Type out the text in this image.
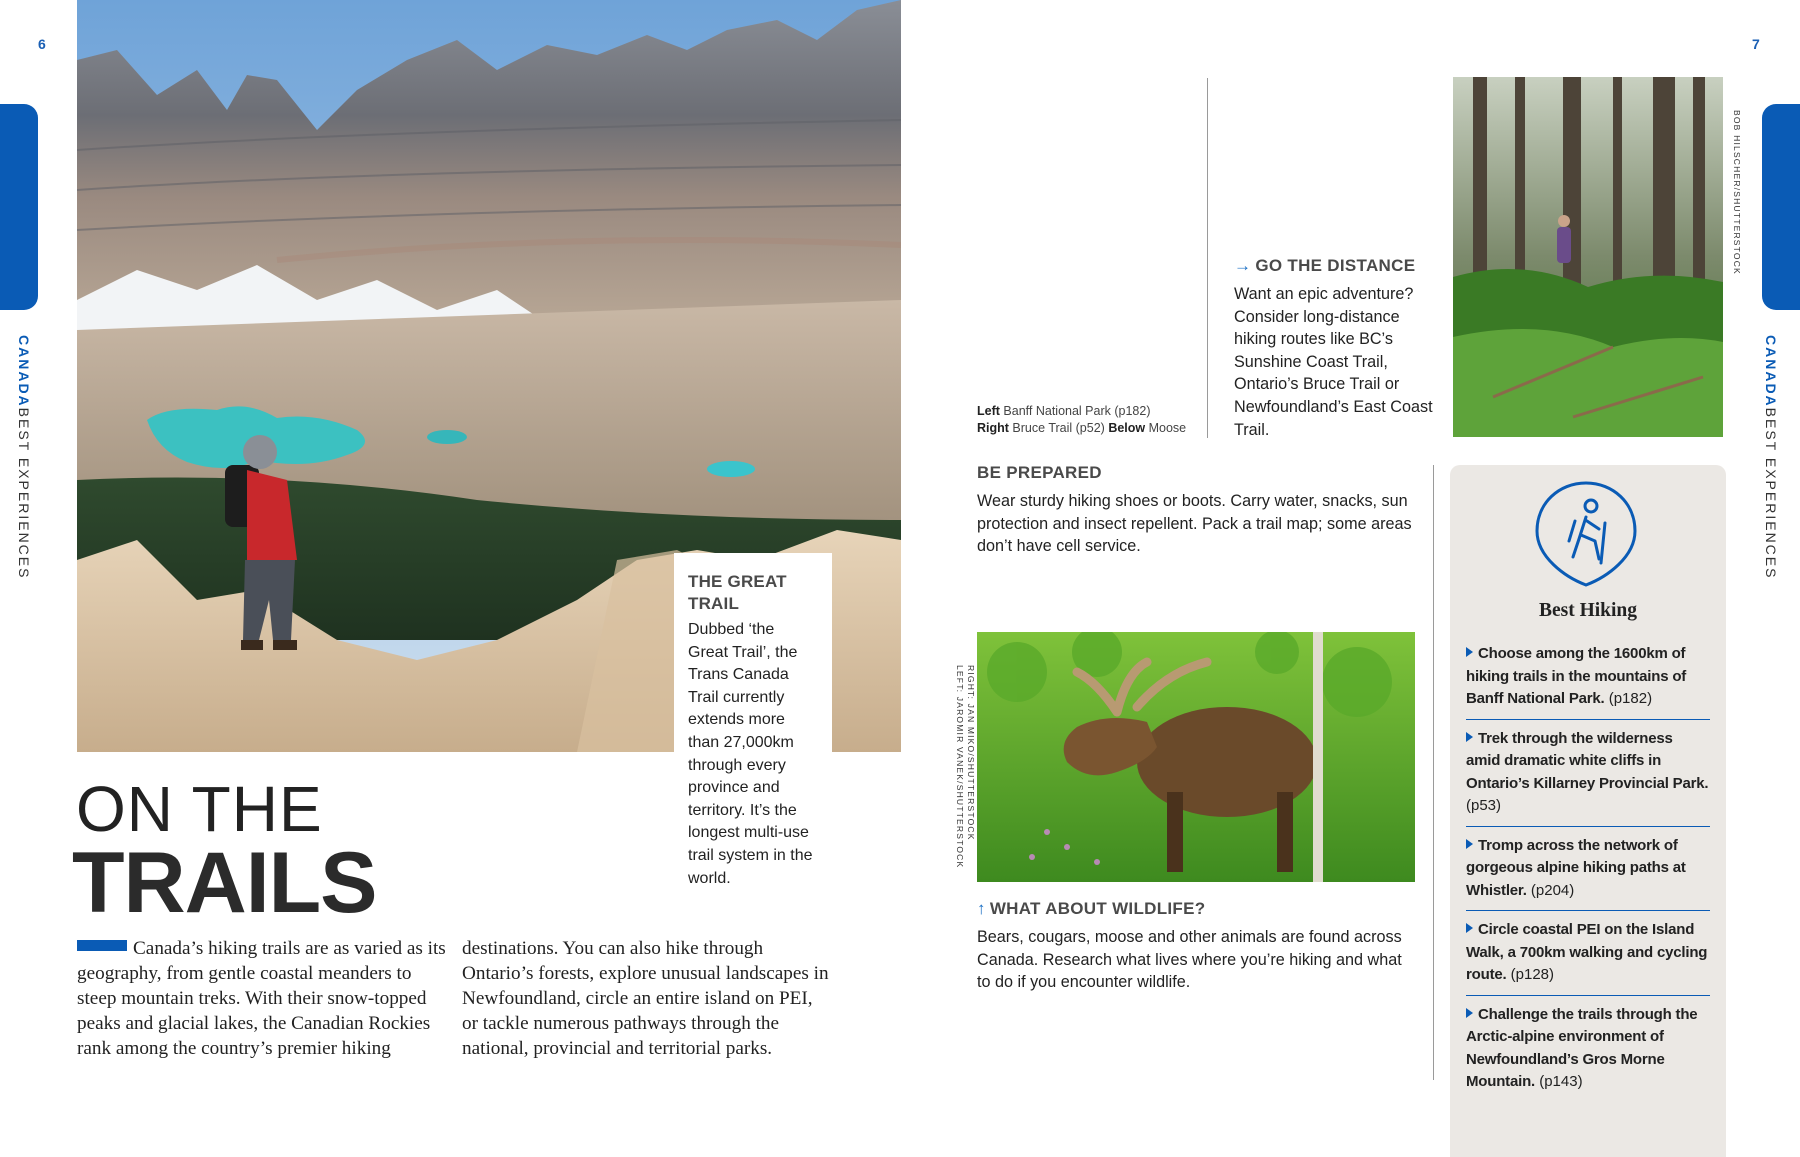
6	7
CANADABEST EXPERIENCES
CANADABEST EXPERIENCES
THE GREAT
TRAIL
Dubbed ‘the Great Trail’, the Trans Canada Trail currently extends more than 27,000km through every province and territory. It’s the longest multi-use trail system in the world.
ON THE
TRAILS
Canada’s hiking trails are as varied as its geography, from gentle coastal meanders to steep mountain treks. With their snow-topped peaks and glacial lakes, the Canadian Rockies rank among the country’s premier hiking
destinations. You can also hike through Ontario’s forests, explore unusual landscapes in Newfoundland, circle an entire island on PEI, or tackle numerous pathways through the national, provincial and territorial parks.
RIGHT: JAN MIKO/SHUTTERSTOCK
LEFT: JAROMIR VANEK/SHUTTERSTOCK
Left Banff National Park (p182)
Right Bruce Trail (p52) Below Moose
→ GO THE DISTANCE
Want an epic adventure? Consider long-distance hiking routes like BC’s Sunshine Coast Trail, Ontario’s Bruce Trail or Newfoundland’s East Coast Trail.
BOB HILSCHER/SHUTTERSTOCK
BE PREPARED
Wear sturdy hiking shoes or boots. Carry water, snacks, sun protection and insect repellent. Pack a trail map; some areas don’t have cell service.
↑ WHAT ABOUT WILDLIFE?
Bears, cougars, moose and other animals are found across Canada. Research what lives where you’re hiking and what to do if you encounter wildlife.
Best Hiking
Choose among the 1600km of hiking trails in the mountains of Banff National Park. (p182)
Trek through the wilderness amid dramatic white cliffs in Ontario’s Killarney Provincial Park. (p53)
Tromp across the network of gorgeous alpine hiking paths at Whistler. (p204)
Circle coastal PEI on the Island Walk, a 700km walking and cycling route. (p128)
Challenge the trails through the Arctic-alpine environment of Newfoundland’s Gros Morne Mountain. (p143)
